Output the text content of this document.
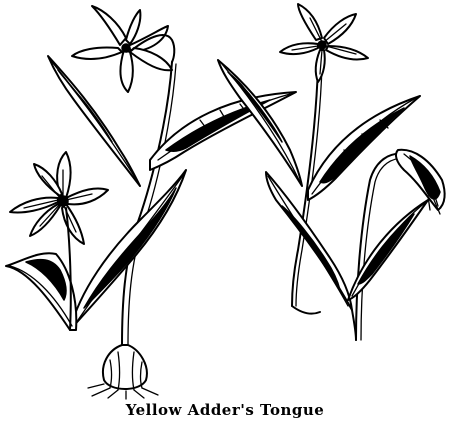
Yellow Adder's Tongue
